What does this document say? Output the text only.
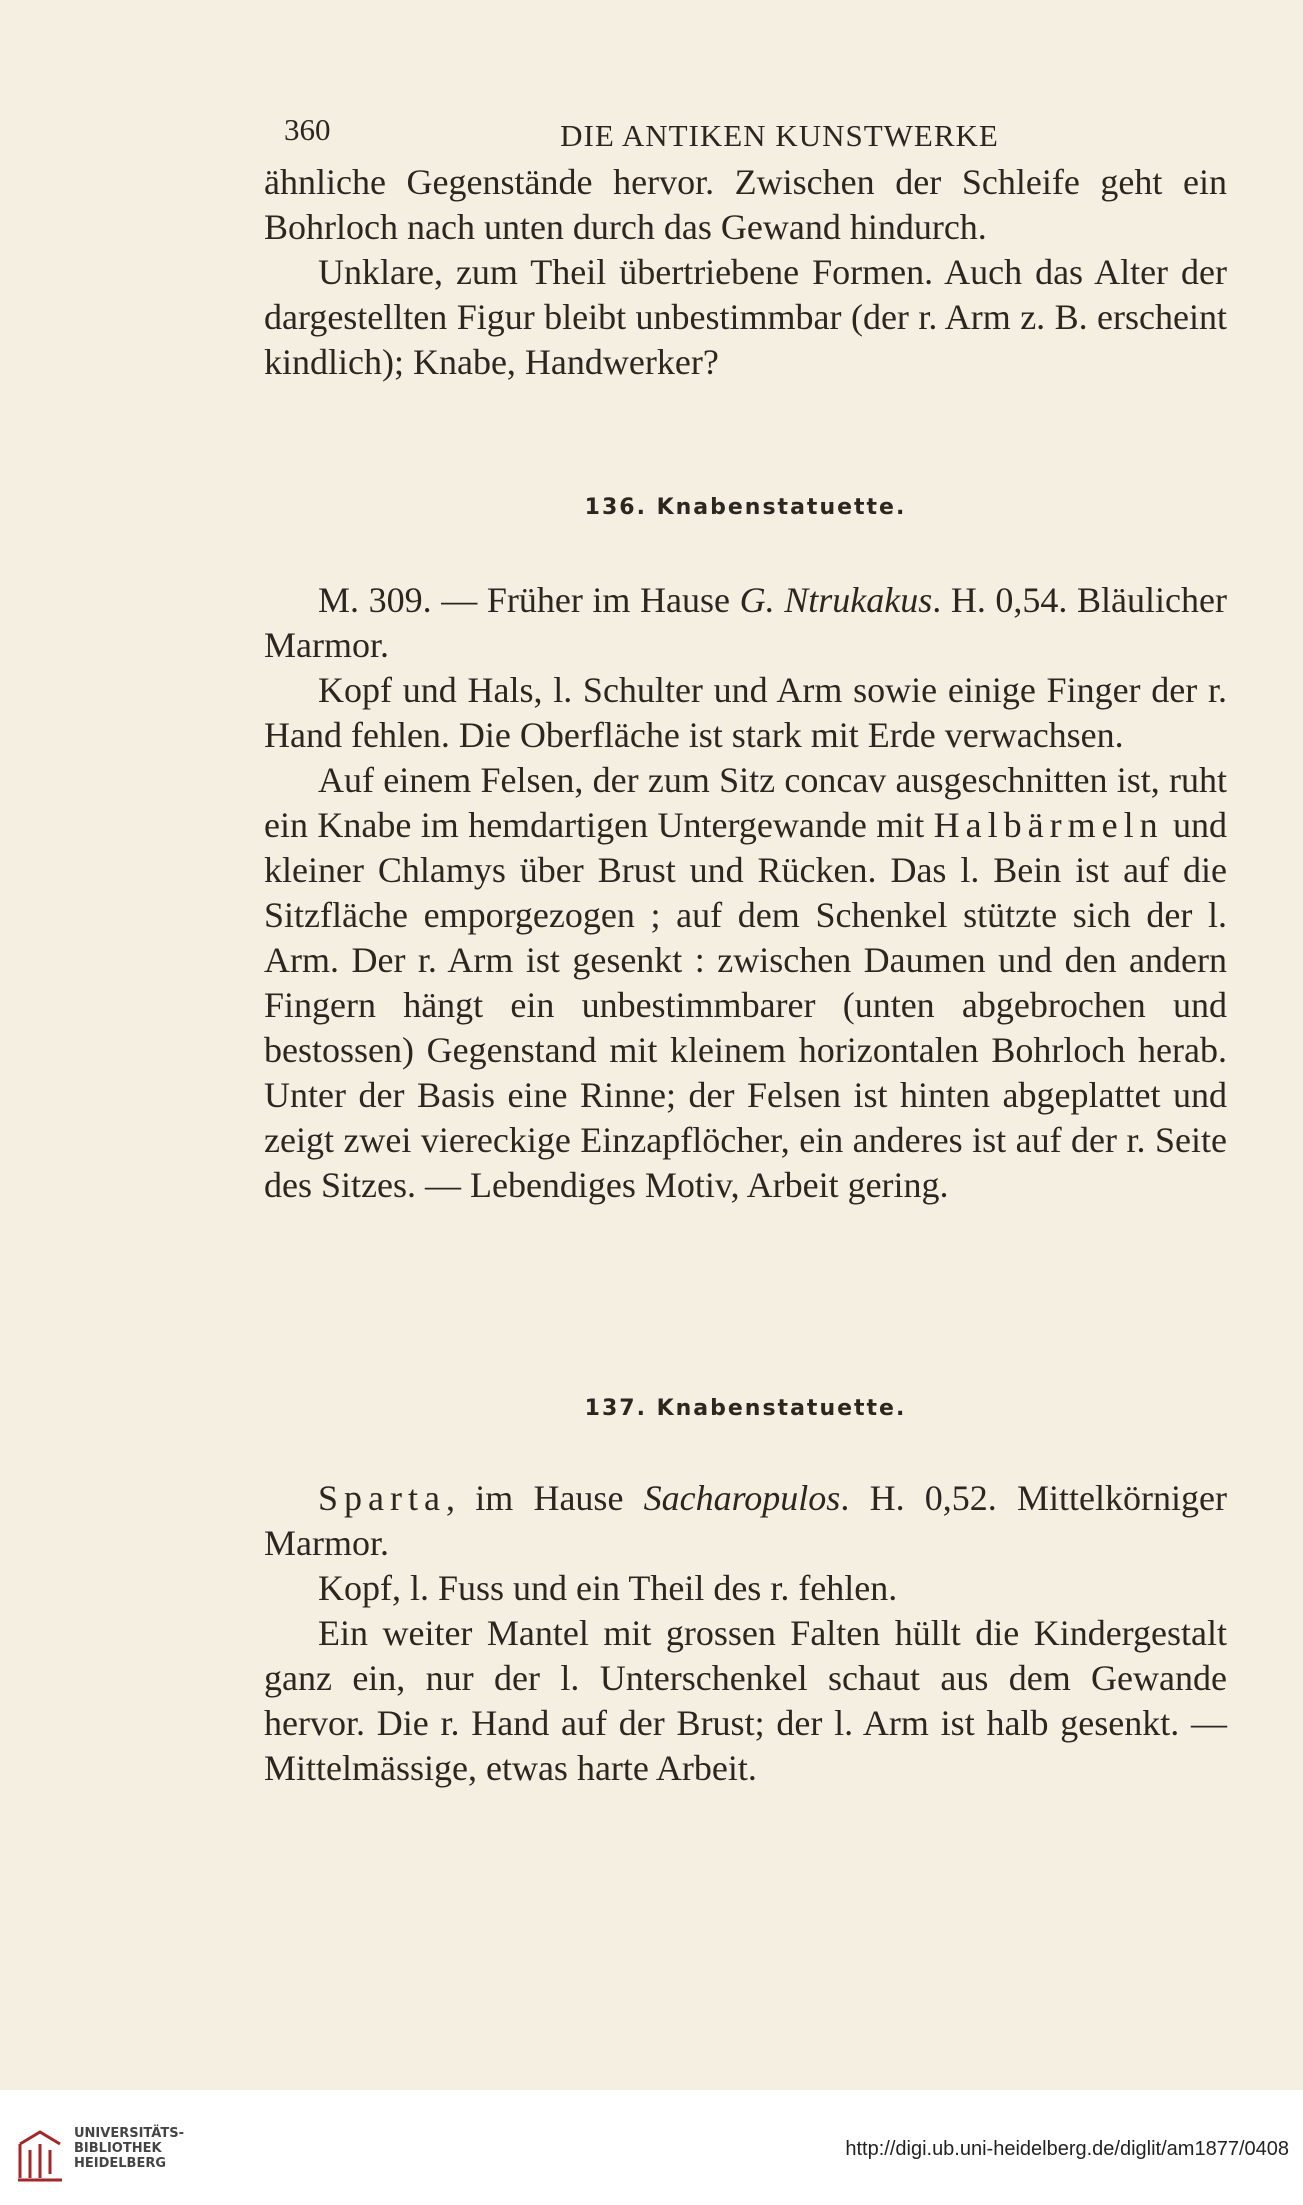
360	DIE ANTIKEN KUNSTWERKE

ähnliche Gegenstände hervor. Zwischen der Schleife geht ein Bohrloch nach unten durch das Gewand hindurch.

Unklare, zum Theil übertriebene Formen. Auch das Alter der dargestellten Figur bleibt unbestimmbar (der r. Arm z. B. erscheint kindlich); Knabe, Handwerker?

136. Knabenstatuette.

M. 309. — Früher im Hause G. Ntrukakus. H. 0,54. Bläulicher Marmor.

Kopf und Hals, l. Schulter und Arm sowie einige Finger der r. Hand fehlen. Die Oberfläche ist stark mit Erde verwachsen.

Auf einem Felsen, der zum Sitz concav ausgeschnitten ist, ruht ein Knabe im hemdartigen Untergewande mit Halbärmeln und kleiner Chlamys über Brust und Rücken. Das l. Bein ist auf die Sitzfläche emporgezogen ; auf dem Schenkel stützte sich der l. Arm. Der r. Arm ist gesenkt : zwischen Daumen und den andern Fingern hängt ein unbestimmbarer (unten abgebrochen und bestossen) Gegenstand mit kleinem horizontalen Bohrloch herab. Unter der Basis eine Rinne; der Felsen ist hinten abgeplattet und zeigt zwei viereckige Einzapflöcher, ein anderes ist auf der r. Seite des Sitzes. — Lebendiges Motiv, Arbeit gering.

137. Knabenstatuette.

Sparta, im Hause Sacharopulos. H. 0,52. Mittelkörniger Marmor.

Kopf, l. Fuss und ein Theil des r. fehlen.

Ein weiter Mantel mit grossen Falten hüllt die Kindergestalt ganz ein, nur der l. Unterschenkel schaut aus dem Gewande hervor. Die r. Hand auf der Brust; der l. Arm ist halb gesenkt. — Mittelmässige, etwas harte Arbeit.

UNIVERSITÄTS-
BIBLIOTHEK
HEIDELBERG
http://digi.ub.uni-heidelberg.de/diglit/am1877/0408
